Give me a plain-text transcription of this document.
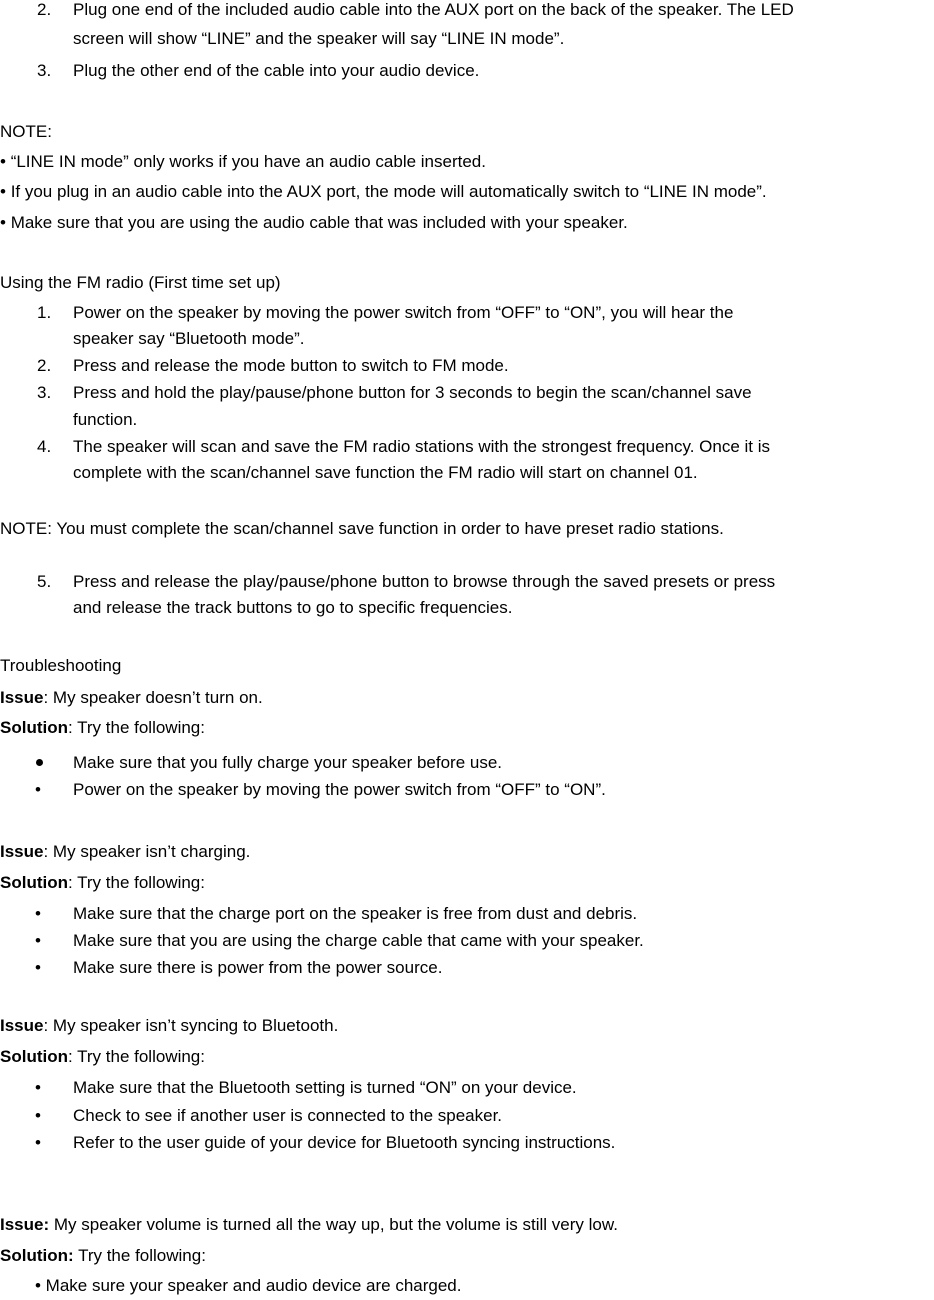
2. Plug one end of the included audio cable into the AUX port on the back of the speaker. The LED
screen will show “LINE” and the speaker will say “LINE IN mode”.
3. Plug the other end of the cable into your audio device.
NOTE:
• “LINE IN mode” only works if you have an audio cable inserted.
• If you plug in an audio cable into the AUX port, the mode will automatically switch to “LINE IN mode”.
• Make sure that you are using the audio cable that was included with your speaker.
Using the FM radio (First time set up)
1. Power on the speaker by moving the power switch from “OFF” to “ON”, you will hear the
speaker say “Bluetooth mode”.
2. Press and release the mode button to switch to FM mode.
3. Press and hold the play/pause/phone button for 3 seconds to begin the scan/channel save
function.
4. The speaker will scan and save the FM radio stations with the strongest frequency. Once it is
complete with the scan/channel save function the FM radio will start on channel 01.
NOTE: You must complete the scan/channel save function in order to have preset radio stations.
5. Press and release the play/pause/phone button to browse through the saved presets or press
and release the track buttons to go to specific frequencies.
Troubleshooting
Issue: My speaker doesn’t turn on.
Solution: Try the following:
Make sure that you fully charge your speaker before use.
• Power on the speaker by moving the power switch from “OFF” to “ON”.
Issue: My speaker isn’t charging.
Solution: Try the following:
• Make sure that the charge port on the speaker is free from dust and debris.
• Make sure that you are using the charge cable that came with your speaker.
• Make sure there is power from the power source.
Issue: My speaker isn’t syncing to Bluetooth.
Solution: Try the following:
• Make sure that the Bluetooth setting is turned “ON” on your device.
• Check to see if another user is connected to the speaker.
• Refer to the user guide of your device for Bluetooth syncing instructions.
Issue: My speaker volume is turned all the way up, but the volume is still very low.
Solution: Try the following:
• Make sure your speaker and audio device are charged.
